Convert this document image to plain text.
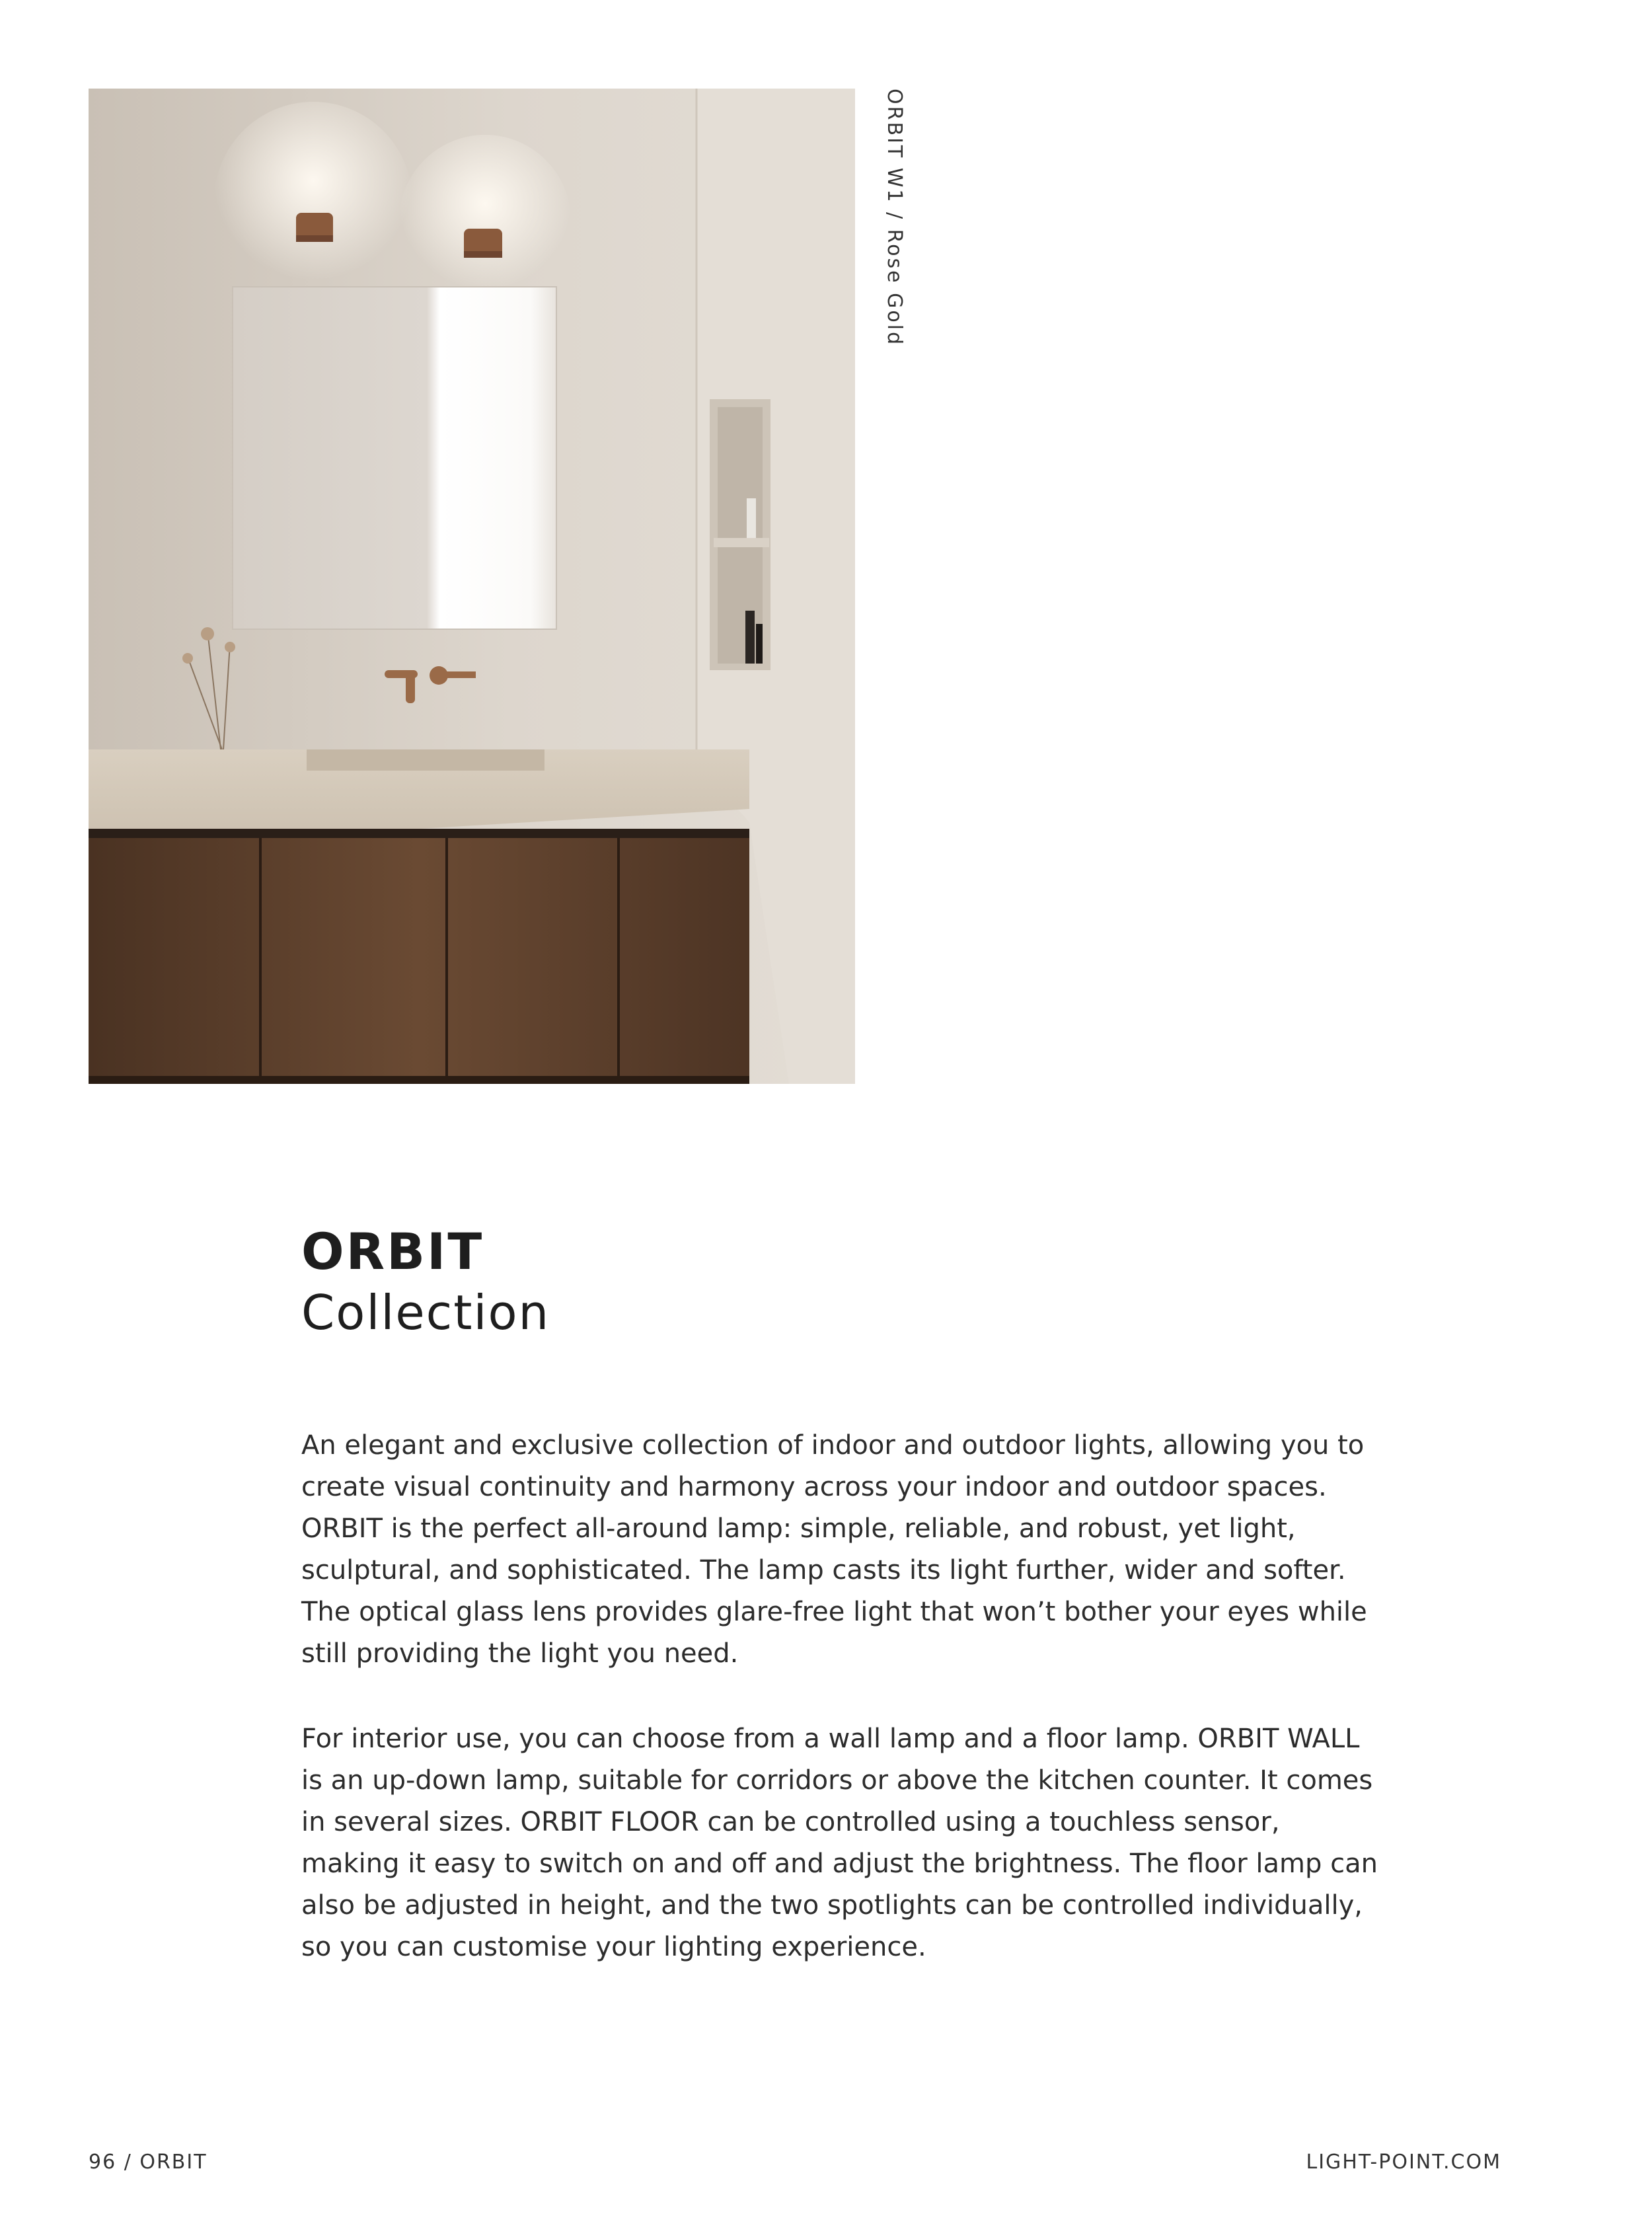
ORBIT W1 / Rose Gold
ORBIT
Collection

An elegant and exclusive collection of indoor and outdoor lights, allowing you to create visual continuity and harmony across your indoor and outdoor spaces. ORBIT is the perfect all-around lamp: simple, reliable, and robust, yet light, sculptural, and sophisticated. The lamp casts its light further, wider and softer. The optical glass lens provides glare-free light that won’t bother your eyes while still providing the light you need.

For interior use, you can choose from a wall lamp and a floor lamp. ORBIT WALL is an up-down lamp, suitable for corridors or above the kitchen counter. It comes in several sizes. ORBIT FLOOR can be controlled using a touchless sensor, making it easy to switch on and off and adjust the brightness. The floor lamp can also be adjusted in height, and the two spotlights can be controlled individually, so you can customise your lighting experience.

96 / ORBIT	LIGHT-POINT.COM
